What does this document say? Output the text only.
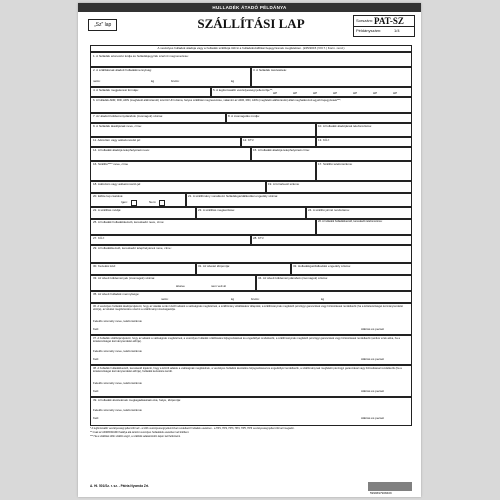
HULLADÉK ÁTADÓ PÉLDÁNYA
„Sz" lap	SZÁLLÍTÁSI LAP	Sorszám: PAT-SZ
Példányszám:	1/4
A veszélyes hulladék átadója vagy a hulladék szállítója tölti ki a hulladékszállítási bejegyzésnek megfelelően. (225/2015 (VIII.7.) Korm. rend.)
1. A hulladék azonosító kódja és hulladékjegyzék szerinti megnevezése:
2. A szállításnak átadott hulladékmennyiség:
nettó:	kg	bruttó:	kg
3. A hulladék összetétele:
4. A hulladék megjelenési formája:	5. A legfontosabb veszélyességi jellemzője**:
HP	HP	HP	HP	HP	HP	HP
6. A hulladék ADR, RID, ADN (megfelelő aláhúzandó) szerinti UN száma, helyes szállítási megnevezése, valamint az ADR, RID, ADN (megfelelő aláhúzandó) által meghatározott egyéb bejegyzések***:
7. Az átadott küldeménydarabok (csomagok) száma:	8. A csomagolás módja:
9. A hulladék átadójának neve, címe:	10. A hulladék átadójának telefonszáma:
11. Adószám vagy adóazonosító jel:	12. KTJ:	13. KÜJ:
14. A hulladék átadója telephelyének neve:	15. A hulladék átadója telephelyének címe:
16. Szállító**** neve, címe	17. Szállító telefonszáma:
18. Adószám vagy adóazonosító jel:	19. A forrarlevél száma:
20. Előtte lap csatolva:
Igen:	Nem:
21. A szállítmány vonatkozó hulladékgazdálkodási engedély száma:
22. A szállítás módja:	23. A szállítás megkezdése:	24. A szállító jármű rendszáma:
25. A hulladék hulladékkezelő, kereskedő neve, címe:	26. A hulladék hulladékkezelő, kereskedő telefonszáma:
27. KÜJ:	28. KTJ:
29. A hulladékkezelő, kereskedő telephelyének neve, címe:
30. Kezelési kód:	31. Az átvétel időpontja:	32. Hulladékgazdálkodási engedély száma:
33. Az átvett küldemények (csomagok) száma:
átvéve	nem vett át
34. Az átvett küldeménydarabok (csomagok) száma:
35. Az átvett hulladék mennyisége:
nettó:	kg	bruttó:	kg
36. A veszélyes hulladék átadója kijelenti, hogy az átadás során közölt adatok a valóságnak megfelelnek, a szállítmány előállásakor állapotát, a szállítmánynak megfelelő pénzügyi garanciával vagy biztosítással rendelkezik (ha a kötelezettséget kormányrendelet előírja), az átvétel megtörténtére szerint a szállítmányt visszaigazolja.
Felelős személy neve, telefonszáma:
Kelt:	Aláírás és pecsét
37. A hulladék szállítója kijelenti, hogy az adatok a valóságnak megfelelnek, a veszélyes hulladék szállítására feljogosításával és engedéllyel rendelkezik, a szállítmánynak megfelelő pénzügyi garanciával vagy biztosítással rendelkezik (amikor ezek adva, ha a kötelezettséget kormányrendelet előírja).
Felelős személy neve, telefonszáma:
Kelt:	Aláírás és pecsét
38. A hulladék hulladékkezelő, kereskedő kijelenti, hogy a közölt adatok a valóságnak megfelelnek, a veszélyes hulladék átvételére feljogosítással és engedéllyel rendelkezik, a szállítmánynak megfelelő pénzügyi garanciával vagy biztosítással rendelkezik (ha a kötelezettséget kormányrendelet előírja), hulladék kezelésre került.
Felelős személy neve, telefonszáma:
Kelt:	Aláírás és pecsét
39. A hulladék átvételének megtagadásának oka, helye, időpontja:
Felelős személy neve, telefonszáma:
Kelt:	Aláírás és pecsét
* A legfontosabb veszélyességi jellemzőt kell - a több veszélyességi jellemzővel rendelkező hulladék esetében - a HP1, HP2, HP3, HP4, HP5, HP6 veszélyességi jellemzőt kell megadni.
** Csak az ADR/RID/ADN hatálya alá tartozó veszélyes hulladékok esetében kell kitölteni.
*** Ha a szállítást több szállító végzi, a szállítók adatait külön lapon kell feltüntetni.
A. Hl. 501/Sz. r. sz. - Pátria Nyomda Zrt.
5999697908409
